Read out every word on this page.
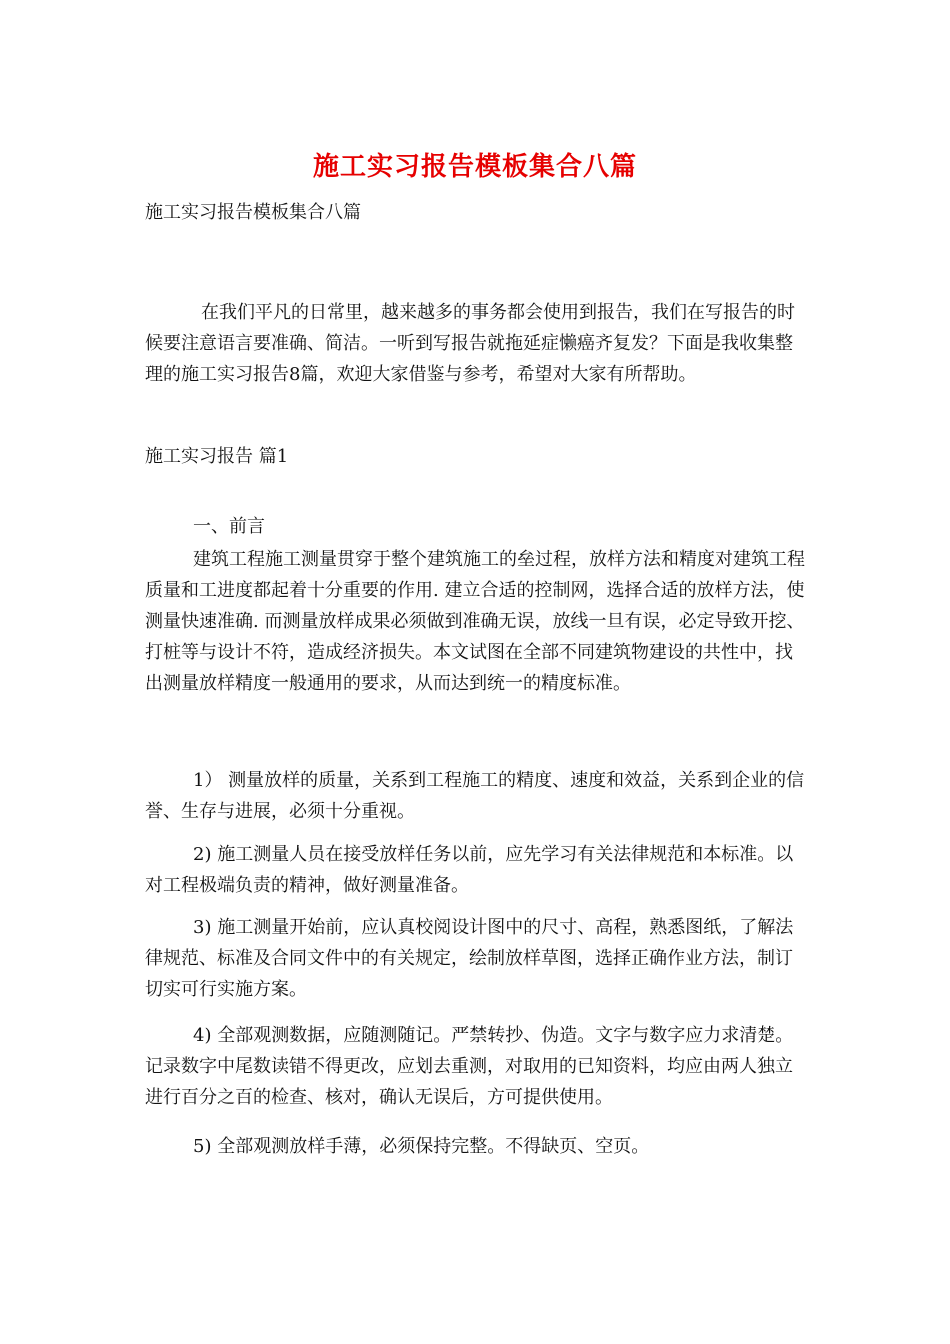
施工实习报告模板集合八篇

施工实习报告模板集合八篇

在我们平凡的日常里，越来越多的事务都会使用到报告，我们在写报告的时候要注意语言要准确、简洁。一听到写报告就拖延症懒癌齐复发？下面是我收集整理的施工实习报告8篇，欢迎大家借鉴与参考，希望对大家有所帮助。

施工实习报告 篇1

一、前言

建筑工程施工测量贯穿于整个建筑施工的垒过程，放样方法和精度对建筑工程质量和工进度都起着十分重要的作用. 建立合适的控制网，选择合适的放样方法，使测量快速准确. 而测量放样成果必须做到准确无误，放线一旦有误，必定导致开挖、打桩等与设计不符，造成经济损失。本文试图在全部不同建筑物建设的共性中，找出测量放样精度一般通用的要求，从而达到统一的精度标准。

1） 测量放样的质量，关系到工程施工的精度、速度和效益，关系到企业的信誉、生存与进展，必须十分重视。

2) 施工测量人员在接受放样任务以前，应先学习有关法律规范和本标准。以对工程极端负责的精神，做好测量准备。

3) 施工测量开始前，应认真校阅设计图中的尺寸、高程，熟悉图纸，了解法律规范、标准及合同文件中的有关规定，绘制放样草图，选择正确作业方法，制订切实可行实施方案。

4) 全部观测数据，应随测随记。严禁转抄、伪造。文字与数字应力求清楚。记录数字中尾数读错不得更改，应划去重测，对取用的已知资料，均应由两人独立进行百分之百的检查、核对，确认无误后，方可提供使用。

5) 全部观测放样手薄，必须保持完整。不得缺页、空页。
